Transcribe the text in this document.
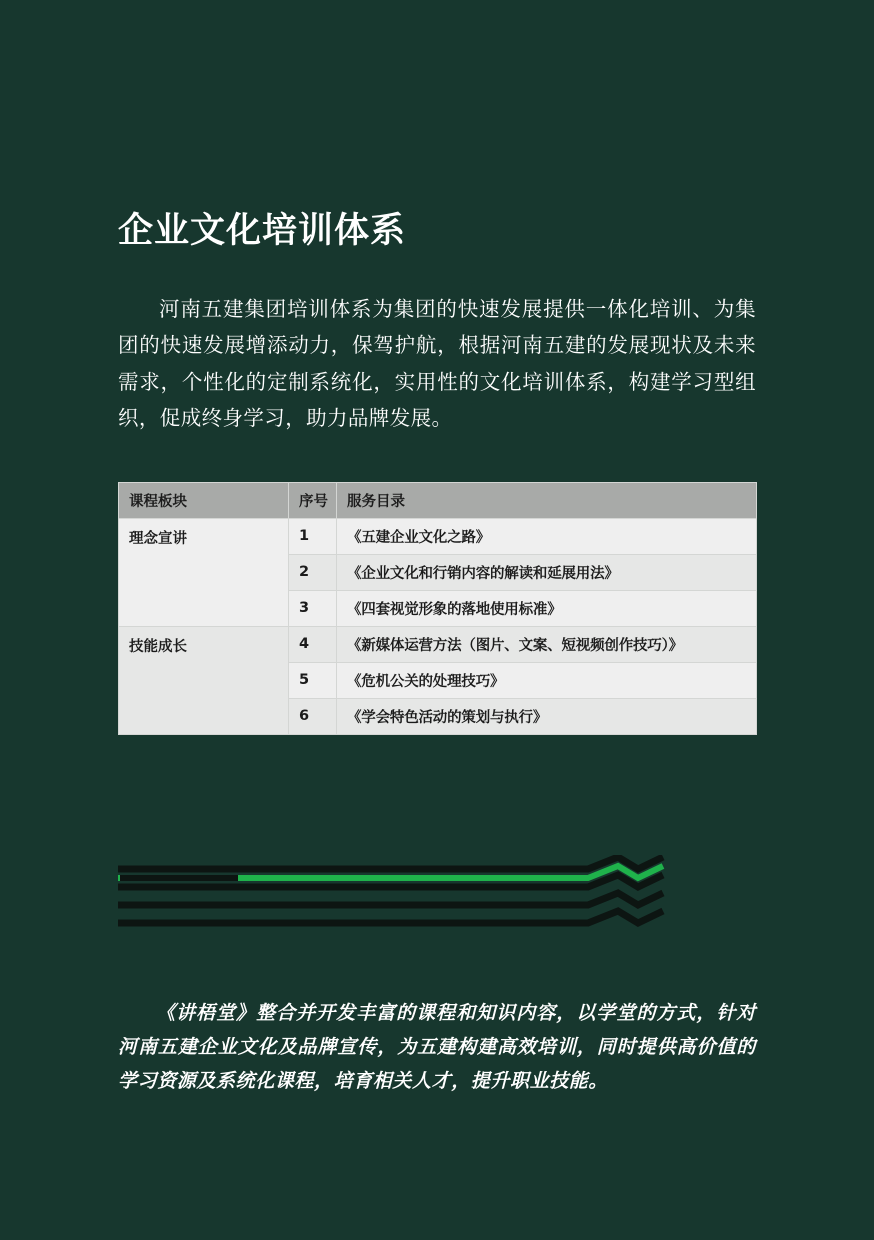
企业文化培训体系

河南五建集团培训体系为集团的快速发展提供一体化培训、为集团的快速发展增添动力，保驾护航，根据河南五建的发展现状及未来需求，个性化的定制系统化，实用性的文化培训体系，构建学习型组织，促成终身学习，助力品牌发展。

课程板块	序号	服务目录
理念宣讲	1	《五建企业文化之路》
	2	《企业文化和行销内容的解读和延展用法》
	3	《四套视觉形象的落地使用标准》
技能成长	4	《新媒体运营方法（图片、文案、短视频创作技巧）》
	5	《危机公关的处理技巧》
	6	《学会特色活动的策划与执行》

《讲梧堂》整合并开发丰富的课程和知识内容，以学堂的方式，针对河南五建企业文化及品牌宣传，为五建构建高效培训，同时提供高价值的学习资源及系统化课程，培育相关人才，提升职业技能。
